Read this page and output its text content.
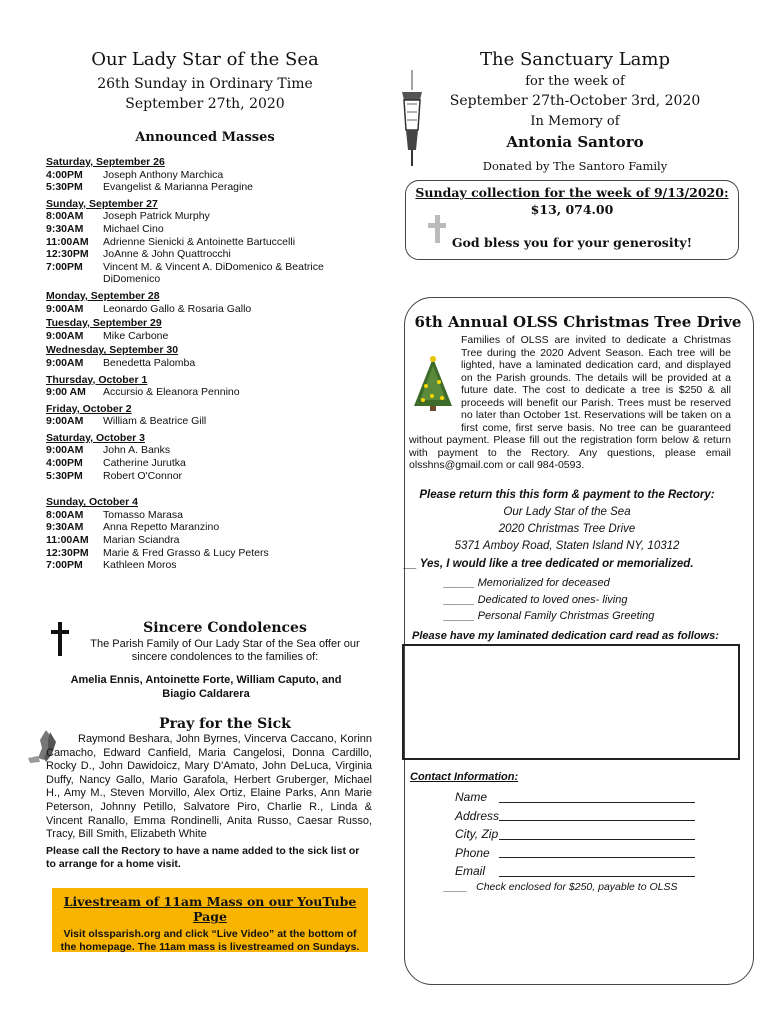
Our Lady Star of the Sea
26th Sunday in Ordinary Time
September 27th, 2020
Announced Masses
Saturday, September 26
4:00PM	Joseph Anthony Marchica
5:30PM	Evangelist & Marianna Peragine
Sunday, September 27
8:00AM	Joseph Patrick Murphy
9:30AM	Michael Cino
11:00AM	Adrienne Sienicki & Antoinette Bartuccelli
12:30PM	JoAnne & John Quattrocchi
7:00PM	Vincent M. & Vincent A. DiDomenico & Beatrice DiDomenico
Monday, September 28
9:00AM	Leonardo Gallo & Rosaria Gallo
Tuesday, September 29
9:00AM	Mike Carbone
Wednesday, September 30
9:00AM	Benedetta Palomba
Thursday, October 1
9:00 AM	Accursio & Eleanora Pennino
Friday, October 2
9:00AM	William & Beatrice Gill
Saturday, October 3
9:00AM	John A. Banks
4:00PM	Catherine Jurutka
5:30PM	Robert O'Connor
Sunday, October 4
8:00AM	Tomasso Marasa
9:30AM	Anna Repetto Maranzino
11:00AM	Marian Sciandra
12:30PM	Marie & Fred Grasso & Lucy Peters
7:00PM	Kathleen Moros
Sincere Condolences
The Parish Family of Our Lady Star of the Sea offer our sincere condolences to the families of:
Amelia Ennis, Antoinette Forte, William Caputo, and Biagio Caldarera
Pray for the Sick
Raymond Beshara, John Byrnes, Vincerva Caccano, Korinn Camacho, Edward Canfield, Maria Cangelosi, Donna Cardillo, Rocky D., John Dawidoicz, Mary D'Amato, John DeLuca, Virginia Duffy, Nancy Gallo, Mario Garafola, Herbert Gruberger, Michael H., Amy M., Steven Morvillo, Alex Ortiz, Elaine Parks, Ann Marie Peterson, Johnny Petillo, Salvatore Piro, Charlie R., Linda & Vincent Ranallo, Emma Rondinelli, Anita Russo, Caesar Russo, Tracy, Bill Smith, Elizabeth White
Please call the Rectory to have a name added to the sick list or to arrange for a home visit.
Livestream of 11am Mass on our YouTube Page
Visit olssparish.org and click “Live Video” at the bottom of the homepage. The 11am mass is livestreamed on Sundays.
The Sanctuary Lamp
for the week of
September 27th-October 3rd, 2020
In Memory of
Antonia Santoro
Donated by The Santoro Family
Sunday collection for the week of 9/13/2020:
$13, 074.00
God bless you for your generosity!
6th Annual OLSS Christmas Tree Drive
Families of OLSS are invited to dedicate a Christmas Tree during the 2020 Advent Season. Each tree will be lighted, have a laminated dedication card, and displayed on the Parish grounds. The details will be provided at a future date. The cost to dedicate a tree is $250 & all proceeds will benefit our Parish. Trees must be reserved no later than October 1st. Reservations will be taken on a first come, first serve basis. No tree can be guaranteed without payment. Please fill out the registration form below & return with payment to the Rectory. Any questions, please email olsshns@gmail.com or call 984-0593.
Please return this this form & payment to the Rectory:
Our Lady Star of the Sea
2020 Christmas Tree Drive
5371 Amboy Road, Staten Island NY, 10312
__ Yes, I would like a tree dedicated or memorialized.
_____ Memorialized for deceased
_____ Dedicated to loved ones- living
_____ Personal Family Christmas Greeting
Please have my laminated dedication card read as follows:
Contact Information:
Name
Address
City, Zip
Phone
Email
____   Check enclosed for $250, payable to OLSS
